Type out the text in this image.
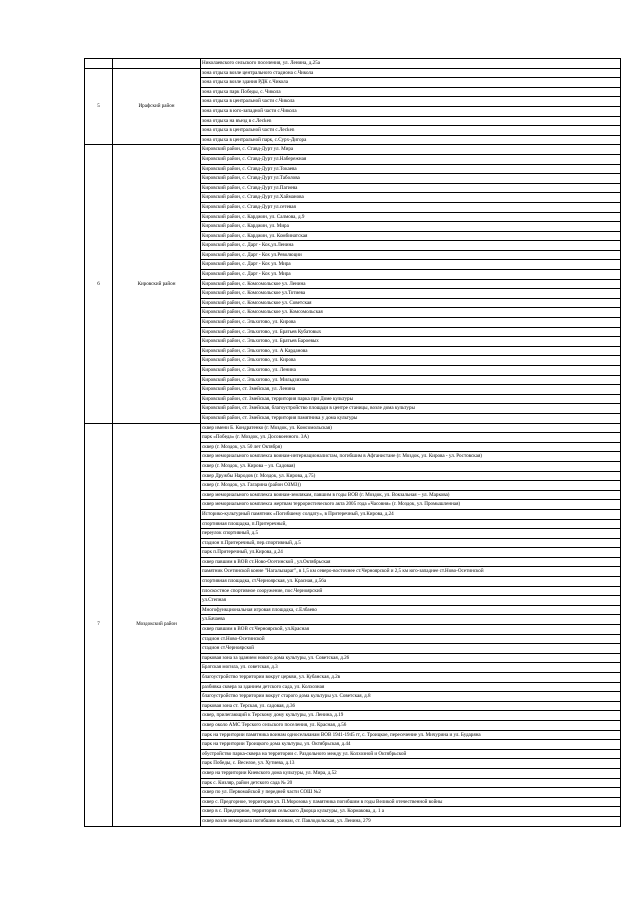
		Николаевского сельского поселения, ул. Ленина, д.25а
5	Ирафский район	зона отдыха возле центрального стадиона с.Чикола
		зона отдыха возле здания РДК с.Чикола
		зона отдыха парк Победы, с. Чикола
		зона отдыха в центральной части с.Чикола
		зона отдыха в юго-западной части с.Чикола
		зона отдыха на въезд в с.Лесken
		зона отдыха в центральной части с.Лесken
		зона отдыха в центральной парк, с.Сурх-Дигора
6	Кировский район	Кировский район, с. Ставд-Дурт ул. Мира
		Кировский район, с. Ставд-Дурт ул.Набережная
		Кировский район, с. Ставд-Дурт ул.Токаева
		Кировский район, с. Ставд-Дурт ул.Таболова
		Кировский район, с. Ставд-Дурт ул.Пагиева
		Кировский район, с. Ставд-Дурт ул.Хайманова
		Кировский район, с. Ставд-Дурт ул.сетевая
		Кировский район, с. Карджин, ул. Салмова, д.9
		Кировский район, с. Карджин, ул. Мира
		Кировский район, с. Карджин, ул. Комбинатская
		Кировский район, с. Дарг - Кох,ул.Ленина
		Кировский район, с. Дарг - Кох ул.Революции
		Кировский район, с. Дарг - Кох ул. Мира
		Кировский район, с. Дарг - Кох ул. Мира
		Кировский район, с. Комсомольское ул. Ленина
		Кировский район, с. Комсомольское ул.Тотиева
		Кировский район, с. Комсомольское ул. Советская
		Кировский район, с. Комсомольское ул. Комсомольская
		Кировский район, с. Эльхотово, ул. Кирова
		Кировский район, с. Эльхотово, ул. Братьев Кубатовых
		Кировский район, с. Эльхотово, ул. Братьев Бароевых
		Кировский район, с. Эльхотово, ул. А Карданова
		Кировский район, с. Эльхотово, ул. Кирова
		Кировский район, с. Эльхотово, ул. Ленина
		Кировский район, с. Эльхотово, ул. Мильдзихова
		Кировский район, ст. Змейская, ул. Ленина
		Кировский район, ст. Змейская, территория парка при Доме культуры
		Кировский район, ст. Змейская, благоустройство площади в центре станицы, возле дома культуры
		Кировский район, ст. Змейская, территория памятника у дома культуры
7	Моздокский район	сквер имени Б. Кондратенко (г. Моздок, ул. Комсомольская)
		парк «Победа» (г. Моздок, ул. Досовоенного. 3А)
		сквер (г. Моздок, ул. 50 лет Октября)
		сквер мемориального комплекса воинам-интернационалистам, погибшим в Афганистане (г. Моздок, ул. Кирова - ул. Ростовская)
		сквер (г. Моздок, ул. Кирова – ул. Садовая)
		сквер Дружбы Народов (г. Моздок, ул. Кирова, д.75)
		сквер (г. Моздок, ул. Гагарина (район ОЗМЗ))
		сквер мемориального комплекса воинам-землякам, павшим в годы ВОВ (г. Моздок, ул. Вокзальная – ул. Маркова)
		сквер мемориального комплекса жертвам террористического акта 2005 года «Часовня» (г. Моздок, ул. Промышленная)
		Историко-культурный памятник «Погибшему солдату», в Притеречный, ул.Кирова, д.24
		спортивная площадка, п.Притеречный,
		переулок спортивный, д.5
		стадион п.Притеречный, пер.спортивный, д.5
		парк п.Притеречный, ул.Кирова, д.24
		сквер павшим в ВОВ ст.Ново-Осетинской , ул.Октябрьская
		памятник Осетинской конне "Нагалызараг", в 1,5 км северо-восточнее ст.Черноярской и 2,5 км юго-западнее ст.Ново-Осетинской
		спортивная площадка, ст.Черноярская, ул. Красная, д.56а
		плоскостное спортивное сооружение, пос.Черноярский
		ул.Степная
		Многофункциональная игровая площадка, с.Елбаево
		ул.Бачаева
		сквер павшим в ВОВ ст.Черноярской, ул.Красная
		стадион ст.Ново-Осетинской
		стадион ст.Черноярской
		парковая зона за зданием нового дома культуры, ул. Советская, д.26
		Братская могила, ул. советская, д.3
		благоустройство территории вокруг церкви, ул. Кубанская, д.2в
		разбивка сквера за зданием детского сада, ул. Колхозная
		благоустройство территории вокруг старого дома культуры ул. Советская, д.8
		парковая зона ст. Терская, ул. садовая, д.36
		сквер, прилегающий к Терскому дому культуры, ул. Ленина, д.19
		сквер около АМС Терского сельского поселения, ул. Красная, д.56
		парк на территории памятника воинам односельчанам ВОВ 1941-1945 гг, с. Троицкое, пересечение ул. Мичурина и ул. Бударяна
		парк на территории Троицкого дома культуры, ул. Октябрьская, д.44
		обустройство парка-сквера на территории с. Раздольного между ул. Колхозной и Октябрьской
		парк Победы, с. Веселое, ул. Хутиева, д.13
		сквер на территории Киевского дома культуры, ул. Мира, д.52
		парк с. Кизляр, район детского сада № 20
		сквер по ул. Первомайской у передней части СОШ №2
		сквер с. Предгорное, территория ул. П.Морозова у памятника погибшим в годы Великой отечественной войны
		сквер в с. Предгорное, территория сельского Дворца культуры, ул. Кормакова, д. 1 а
		сквер возле мемориала погибшим воинам, ст. Павлодольская, ул. Ленина, 279
